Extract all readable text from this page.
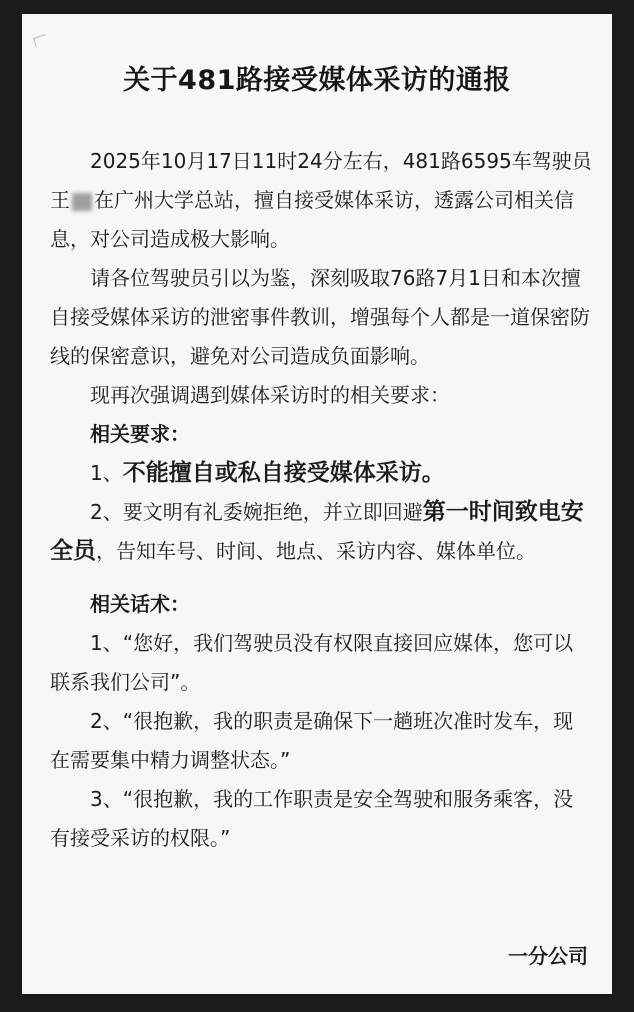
关于481路接受媒体采访的通报

2025年10月17日11时24分左右，481路6595车驾驶员王 在广州大学总站，擅自接受媒体采访，透露公司相关信息，对公司造成极大影响。

请各位驾驶员引以为鉴，深刻吸取76路7月1日和本次擅自接受媒体采访的泄密事件教训，增强每个人都是一道保密防线的保密意识，避免对公司造成负面影响。

现再次强调遇到媒体采访时的相关要求：

相关要求：

1、不能擅自或私自接受媒体采访。

2、要文明有礼委婉拒绝，并立即回避第一时间致电安全员，告知车号、时间、地点、采访内容、媒体单位。

相关话术：

1、“您好，我们驾驶员没有权限直接回应媒体，您可以联系我们公司”。

2、“很抱歉，我的职责是确保下一趟班次准时发车，现在需要集中精力调整状态。”

3、“很抱歉，我的工作职责是安全驾驶和服务乘客，没有接受采访的权限。”

一分公司
